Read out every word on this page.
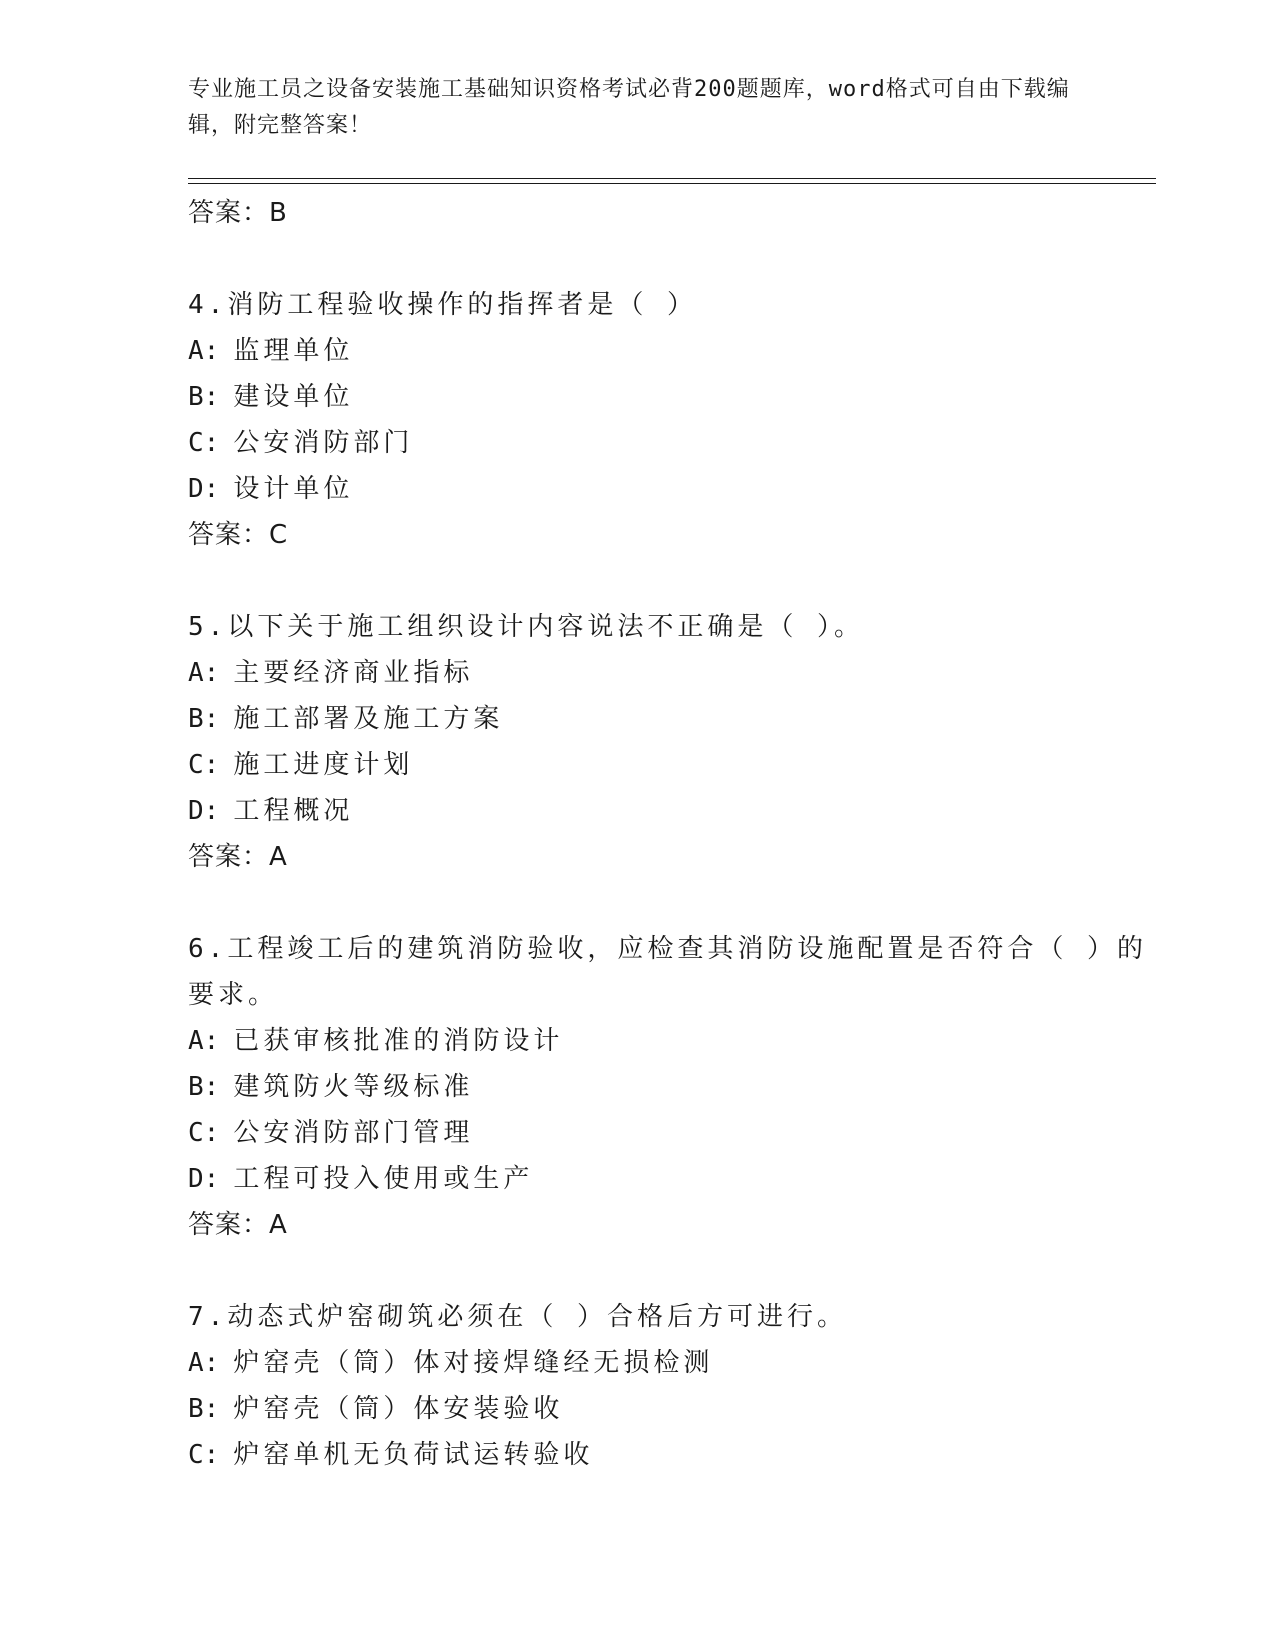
专业施工员之设备安装施工基础知识资格考试必背200题题库，word格式可自由下载编辑，附完整答案！
答案：B

4.消防工程验收操作的指挥者是（ ）

A: 监理单位

B: 建设单位

C: 公安消防部门

D: 设计单位

答案：C

5.以下关于施工组织设计内容说法不正确是（ ）。

A: 主要经济商业指标

B: 施工部署及施工方案

C: 施工进度计划

D: 工程概况

答案：A

6.工程竣工后的建筑消防验收，应检查其消防设施配置是否符合（ ）的要求。

A: 已获审核批准的消防设计

B: 建筑防火等级标准

C: 公安消防部门管理

D: 工程可投入使用或生产

答案：A

7.动态式炉窑砌筑必须在（ ）合格后方可进行。

A: 炉窑壳（筒）体对接焊缝经无损检测

B: 炉窑壳（筒）体安装验收

C: 炉窑单机无负荷试运转验收
